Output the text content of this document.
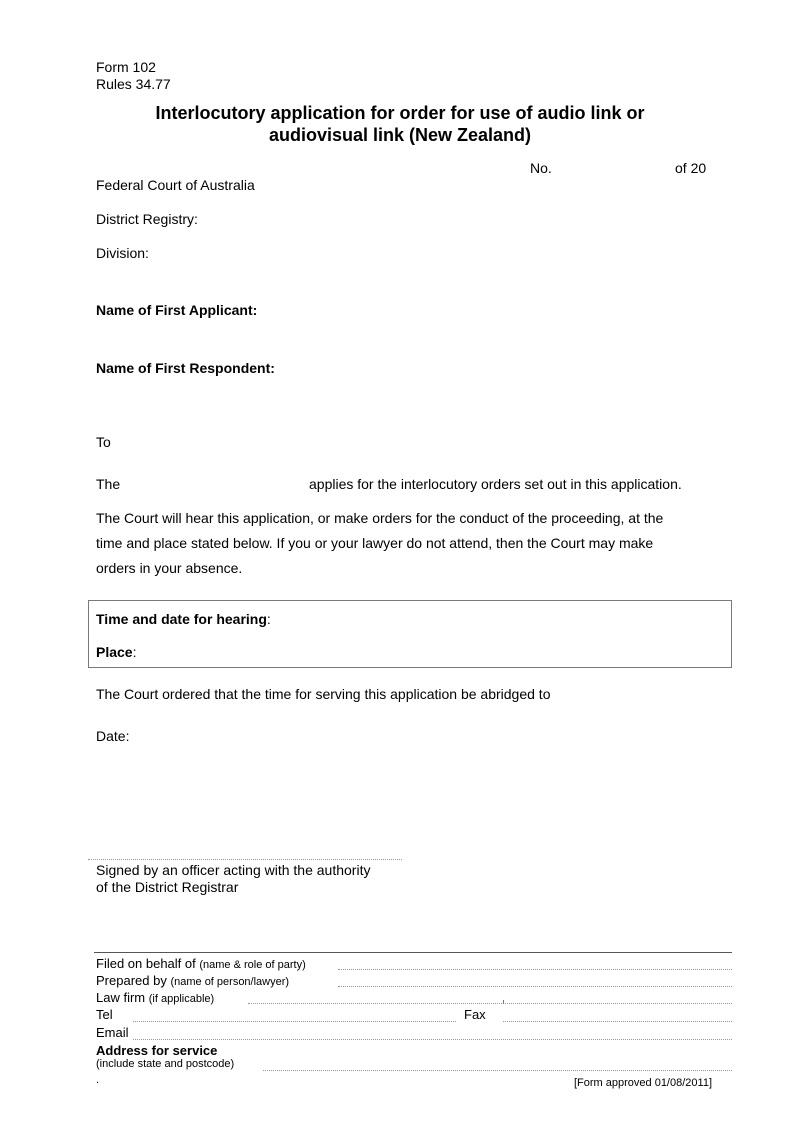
Form 102
Rules 34.77
Interlocutory application for order for use of audio link or
audiovisual link (New Zealand)
No.	of 20
Federal Court of Australia
District Registry:
Division:
Name of First Applicant:
Name of First Respondent:
To
The	applies for the interlocutory orders set out in this application.
The Court will hear this application, or make orders for the conduct of the proceeding, at the
time and place stated below. If you or your lawyer do not attend, then the Court may make
orders in your absence.
Time and date for hearing:
Place:
The Court ordered that the time for serving this application be abridged to
Date:
Signed by an officer acting with the authority
of the District Registrar
Filed on behalf of (name & role of party)
Prepared by (name of person/lawyer)
Law firm (if applicable)
Tel	Fax
Email
Address for service
(include state and postcode)
.	[Form approved 01/08/2011]
